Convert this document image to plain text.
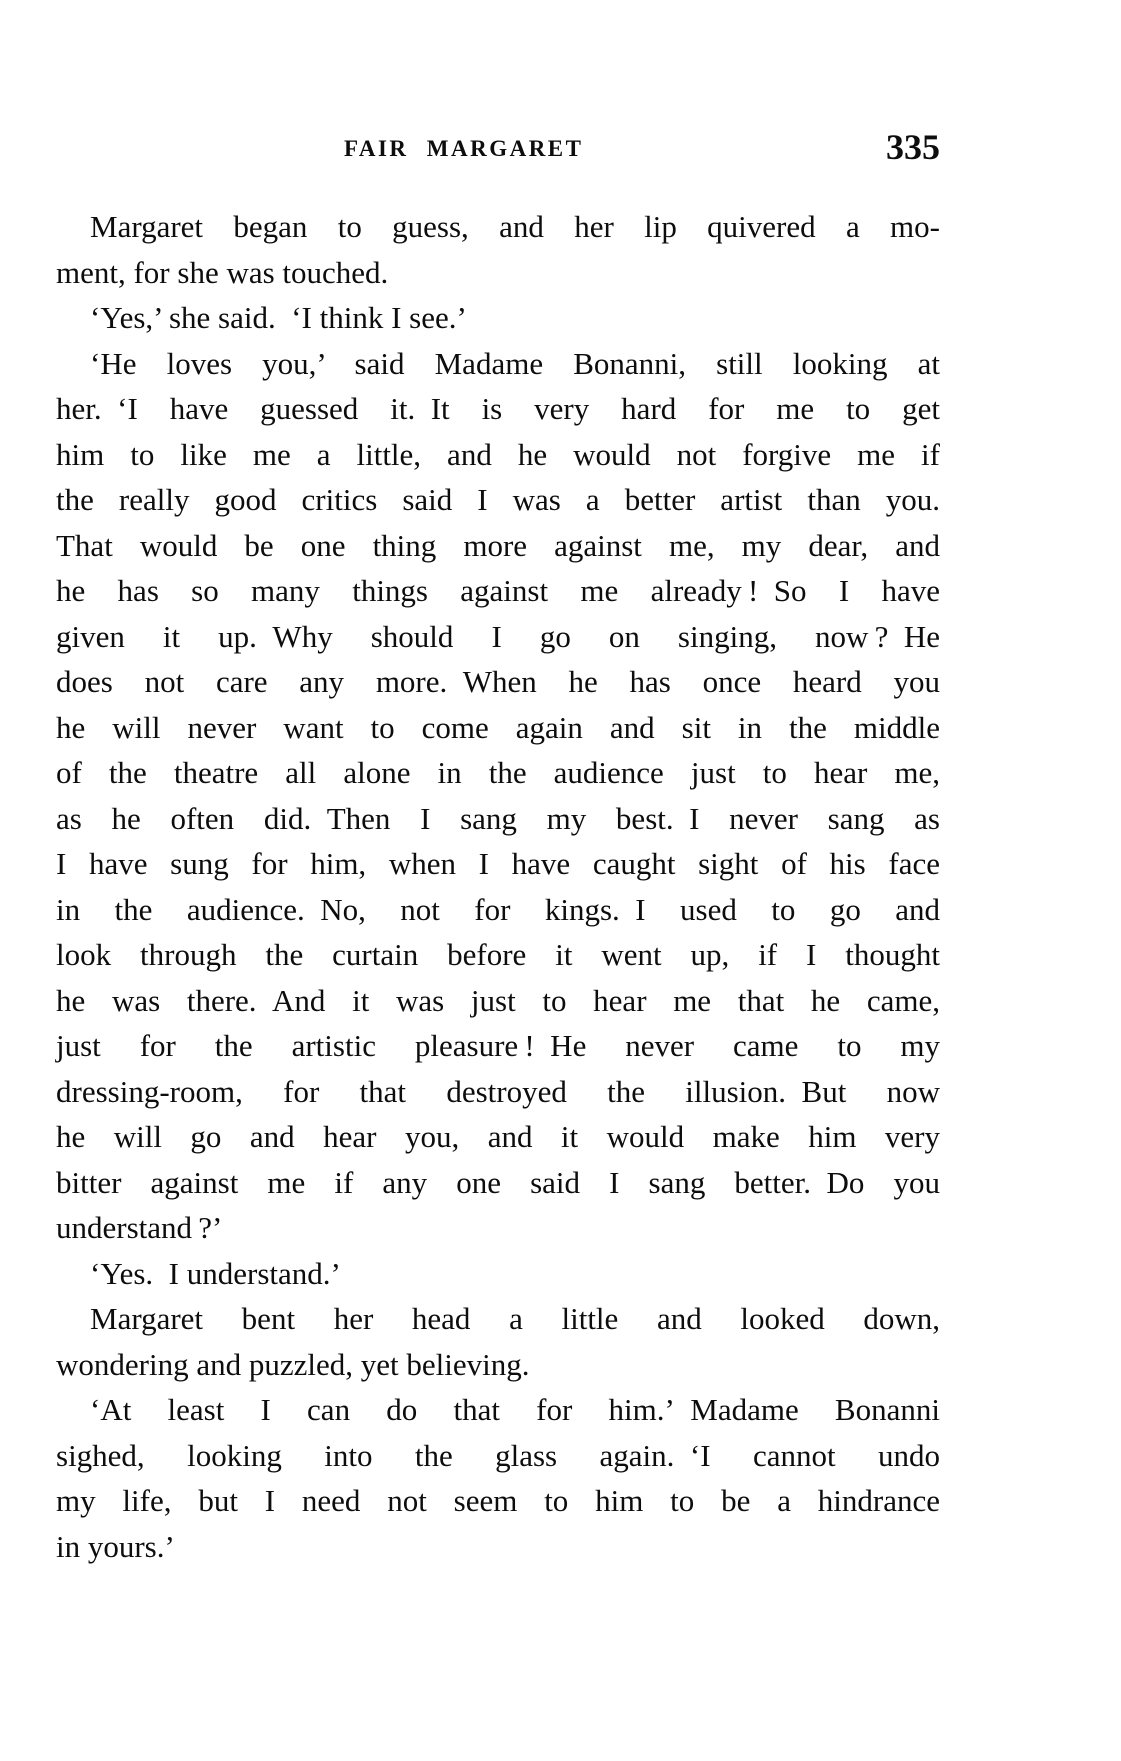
FAIR MARGARET	335
Margaret began to guess, and her lip quivered a mo-
ment, for she was touched.
‘Yes,’ she said. ‘I think I see.’
‘He loves you,’ said Madame Bonanni, still looking at
her. ‘I have guessed it. It is very hard for me to get
him to like me a little, and he would not forgive me if
the really good critics said I was a better artist than you.
That would be one thing more against me, my dear, and
he has so many things against me already ! So I have
given it up. Why should I go on singing, now ? He
does not care any more. When he has once heard you
he will never want to come again and sit in the middle
of the theatre all alone in the audience just to hear me,
as he often did. Then I sang my best. I never sang as
I have sung for him, when I have caught sight of his face
in the audience. No, not for kings. I used to go and
look through the curtain before it went up, if I thought
he was there. And it was just to hear me that he came,
just for the artistic pleasure ! He never came to my
dressing-room, for that destroyed the illusion. But now
he will go and hear you, and it would make him very
bitter against me if any one said I sang better. Do you
understand ?’
‘Yes. I understand.’
Margaret bent her head a little and looked down,
wondering and puzzled, yet believing.
‘At least I can do that for him.’ Madame Bonanni
sighed, looking into the glass again. ‘I cannot undo
my life, but I need not seem to him to be a hindrance
in yours.’
